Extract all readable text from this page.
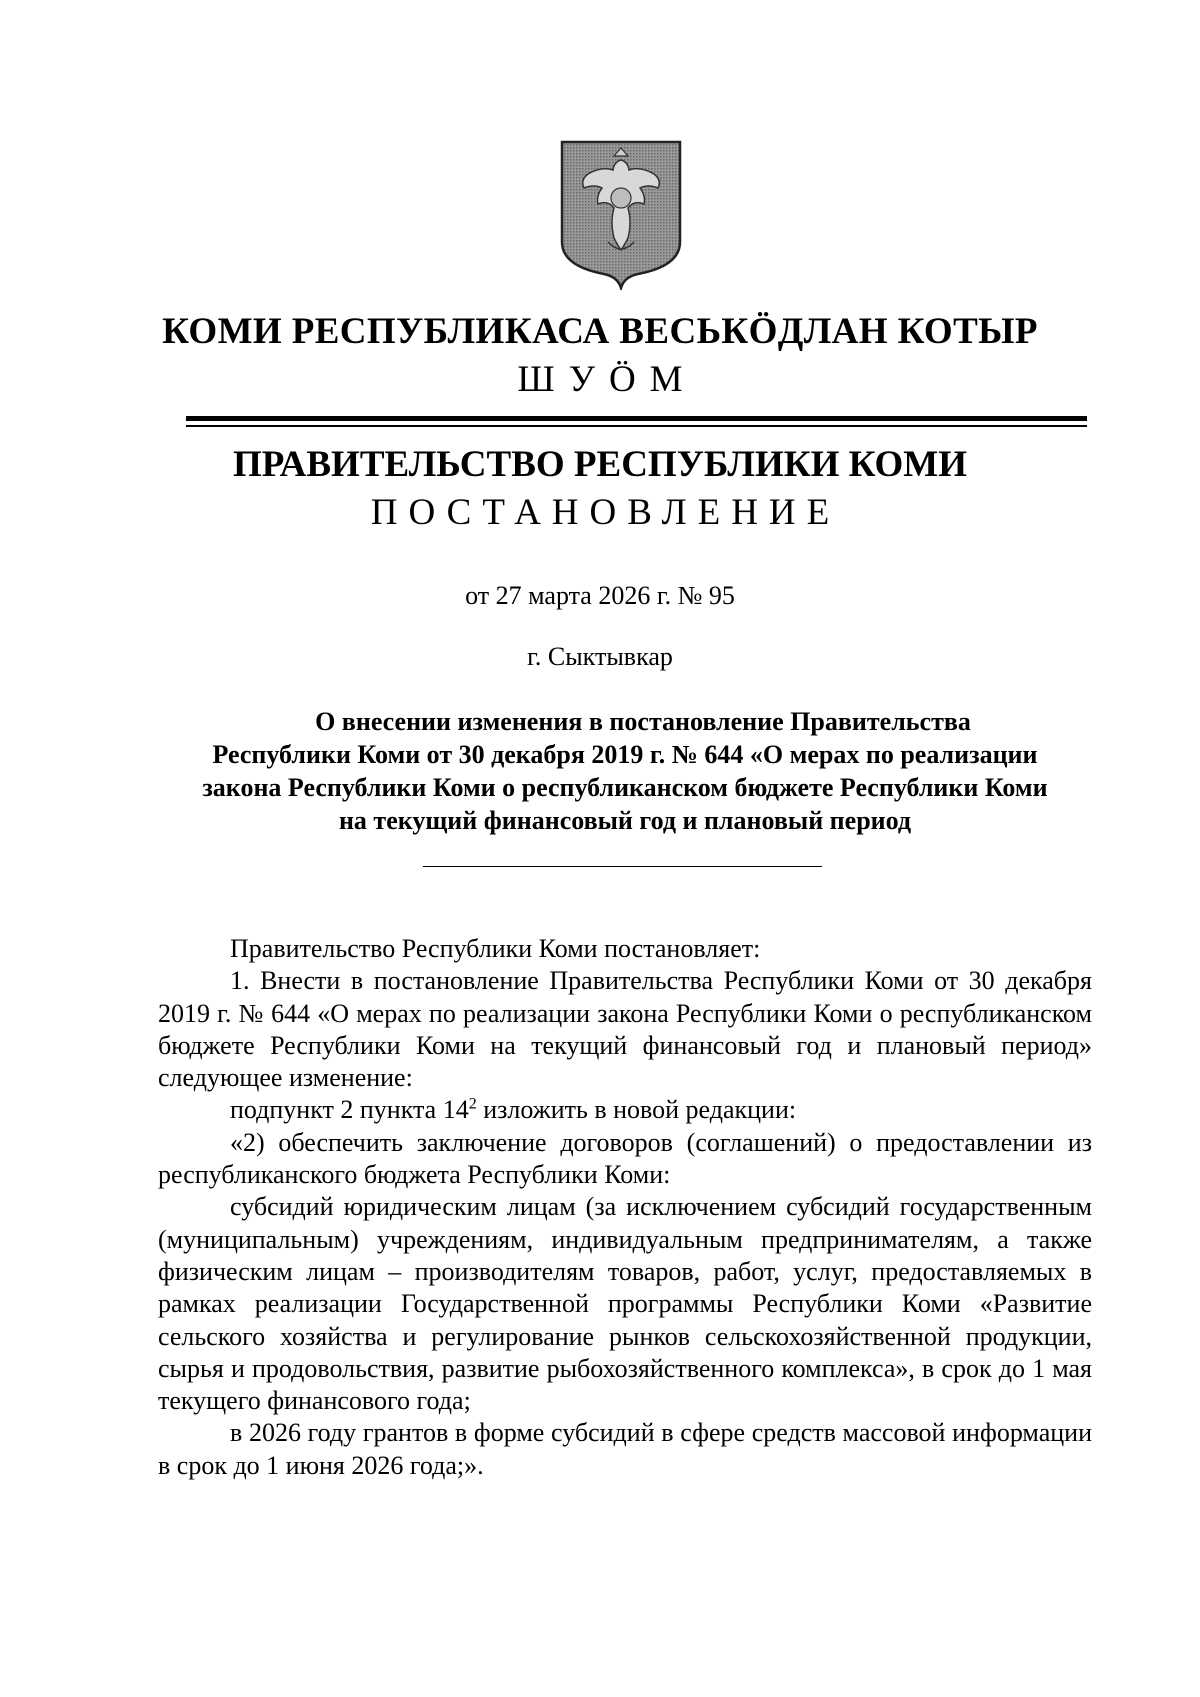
КОМИ РЕСПУБЛИКАСА ВЕСЬКӦДЛАН КОТЫР
ШУӦМ
ПРАВИТЕЛЬСТВО РЕСПУБЛИКИ КОМИ
ПОСТАНОВЛЕНИЕ
от 27 марта 2026 г. № 95
г. Сыктывкар
О внесении изменения в постановление Правительства
Республики Коми от 30 декабря 2019 г. № 644 «О мерах по реализации
закона Республики Коми о республиканском бюджете Республики Коми
на текущий финансовый год и плановый период

Правительство Республики Коми постановляет:

1. Внести в постановление Правительства Республики Коми от 30 декабря 2019 г. № 644 «О мерах по реализации закона Республики Коми о республиканском бюджете Республики Коми на текущий финансовый год и плановый период» следующее изменение:

подпункт 2 пункта $14^2$ изложить в новой редакции:

«2) обеспечить заключение договоров (соглашений) о предоставлении из республиканского бюджета Республики Коми:

субсидий юридическим лицам (за исключением субсидий государственным (муниципальным) учреждениям, индивидуальным предпринимателям, а также физическим лицам – производителям товаров, работ, услуг, предоставляемых в рамках реализации Государственной программы Республики Коми «Развитие сельского хозяйства и регулирование рынков сельскохозяйственной продукции, сырья и продовольствия, развитие рыбохозяйственного комплекса», в срок до 1 мая текущего финансового года;

в 2026 году грантов в форме субсидий в сфере средств массовой информации в срок до 1 июня 2026 года;».
